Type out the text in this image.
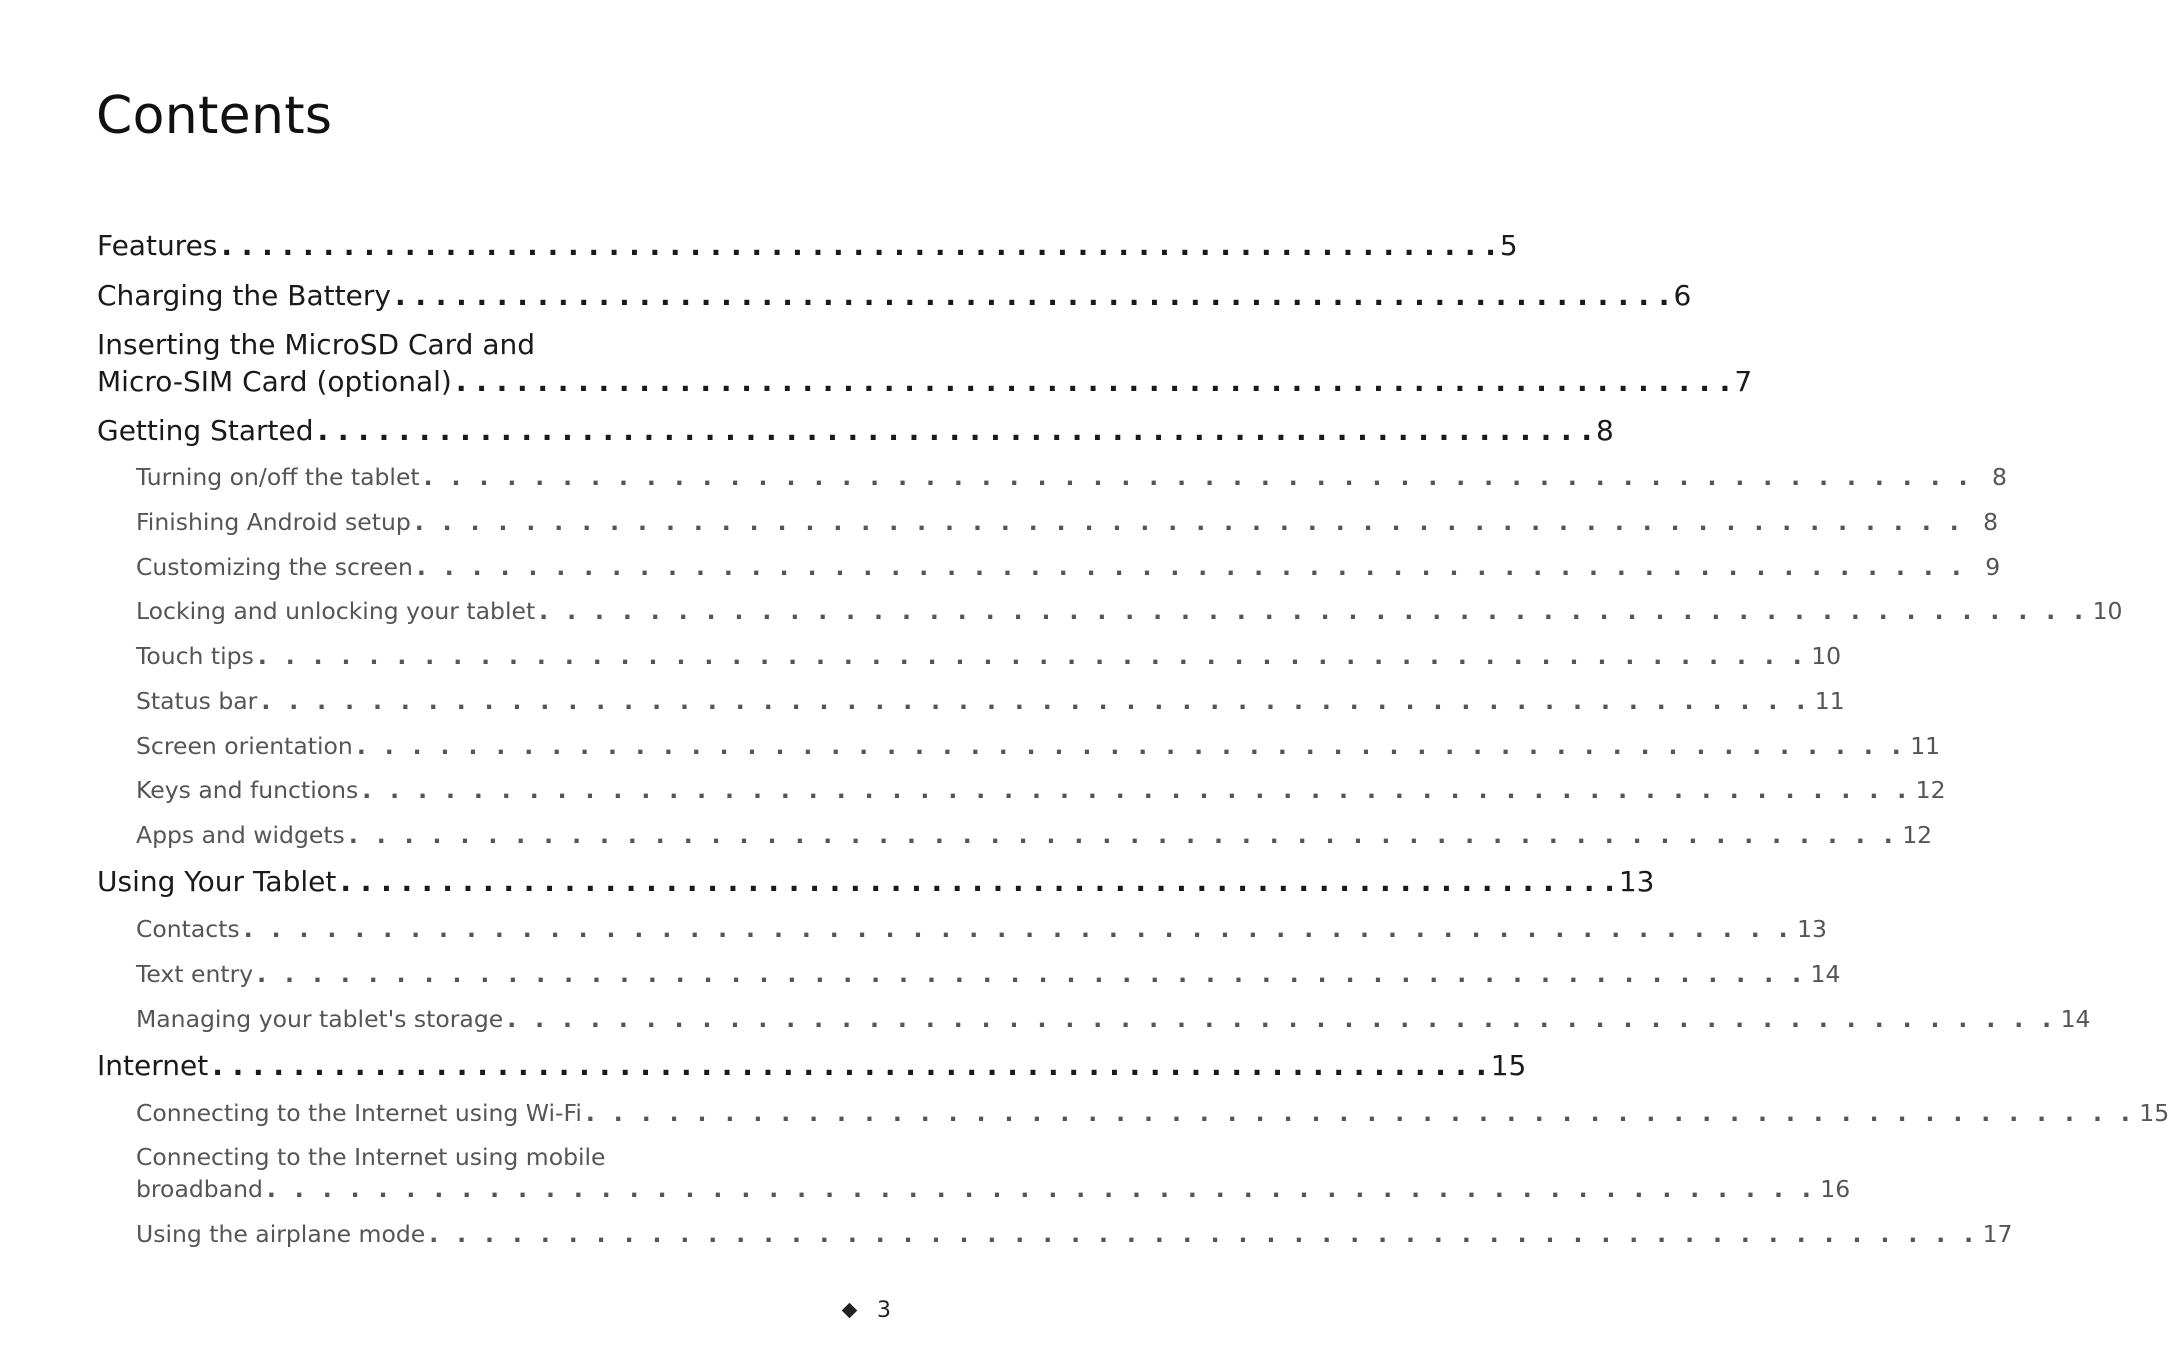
Contents
Features . . . . . . . . . . . . . . . . . . . . . . . . . . . . . . . . . . . . . . . . . . . . . . . . . . . . . . . . . . . . . . . 5
Charging the Battery . . . . . . . . . . . . . . . . . . . . . . . . . . . . . . . . . . . . . . . . . . . . . . . . . . . . . . . . . . . . . . . 6
Inserting the MicroSD Card and
Micro-SIM Card (optional) . . . . . . . . . . . . . . . . . . . . . . . . . . . . . . . . . . . . . . . . . . . . . . . . . . . . . . . . . . . . . . . 7
Getting Started . . . . . . . . . . . . . . . . . . . . . . . . . . . . . . . . . . . . . . . . . . . . . . . . . . . . . . . . . . . . . . . 8
Turning on/off the tablet . . . . . . . . . . . . . . . . . . . . . . . . . . . . . . . . . . . . . . . . . . . . . . . . . . . . . . . . 8
Finishing Android setup . . . . . . . . . . . . . . . . . . . . . . . . . . . . . . . . . . . . . . . . . . . . . . . . . . . . . . . . 8
Customizing the screen . . . . . . . . . . . . . . . . . . . . . . . . . . . . . . . . . . . . . . . . . . . . . . . . . . . . . . . . 9
Locking and unlocking your tablet . . . . . . . . . . . . . . . . . . . . . . . . . . . . . . . . . . . . . . . . . . . . . . . . . . . . . . . . 10
Touch tips . . . . . . . . . . . . . . . . . . . . . . . . . . . . . . . . . . . . . . . . . . . . . . . . . . . . . . . . 10
Status bar . . . . . . . . . . . . . . . . . . . . . . . . . . . . . . . . . . . . . . . . . . . . . . . . . . . . . . . . 11
Screen orientation . . . . . . . . . . . . . . . . . . . . . . . . . . . . . . . . . . . . . . . . . . . . . . . . . . . . . . . . 11
Keys and functions . . . . . . . . . . . . . . . . . . . . . . . . . . . . . . . . . . . . . . . . . . . . . . . . . . . . . . . . 12
Apps and widgets . . . . . . . . . . . . . . . . . . . . . . . . . . . . . . . . . . . . . . . . . . . . . . . . . . . . . . . . 12
Using Your Tablet . . . . . . . . . . . . . . . . . . . . . . . . . . . . . . . . . . . . . . . . . . . . . . . . . . . . . . . . . . . . . . . 13
Contacts . . . . . . . . . . . . . . . . . . . . . . . . . . . . . . . . . . . . . . . . . . . . . . . . . . . . . . . . 13
Text entry . . . . . . . . . . . . . . . . . . . . . . . . . . . . . . . . . . . . . . . . . . . . . . . . . . . . . . . . 14
Managing your tablet's storage . . . . . . . . . . . . . . . . . . . . . . . . . . . . . . . . . . . . . . . . . . . . . . . . . . . . . . . . 14
Internet . . . . . . . . . . . . . . . . . . . . . . . . . . . . . . . . . . . . . . . . . . . . . . . . . . . . . . . . . . . . . . . 15
Connecting to the Internet using Wi-Fi . . . . . . . . . . . . . . . . . . . . . . . . . . . . . . . . . . . . . . . . . . . . . . . . . . . . . . . . 15
Connecting to the Internet using mobile
broadband . . . . . . . . . . . . . . . . . . . . . . . . . . . . . . . . . . . . . . . . . . . . . . . . . . . . . . . . 16
Using the airplane mode . . . . . . . . . . . . . . . . . . . . . . . . . . . . . . . . . . . . . . . . . . . . . . . . . . . . . . . . 17
3
